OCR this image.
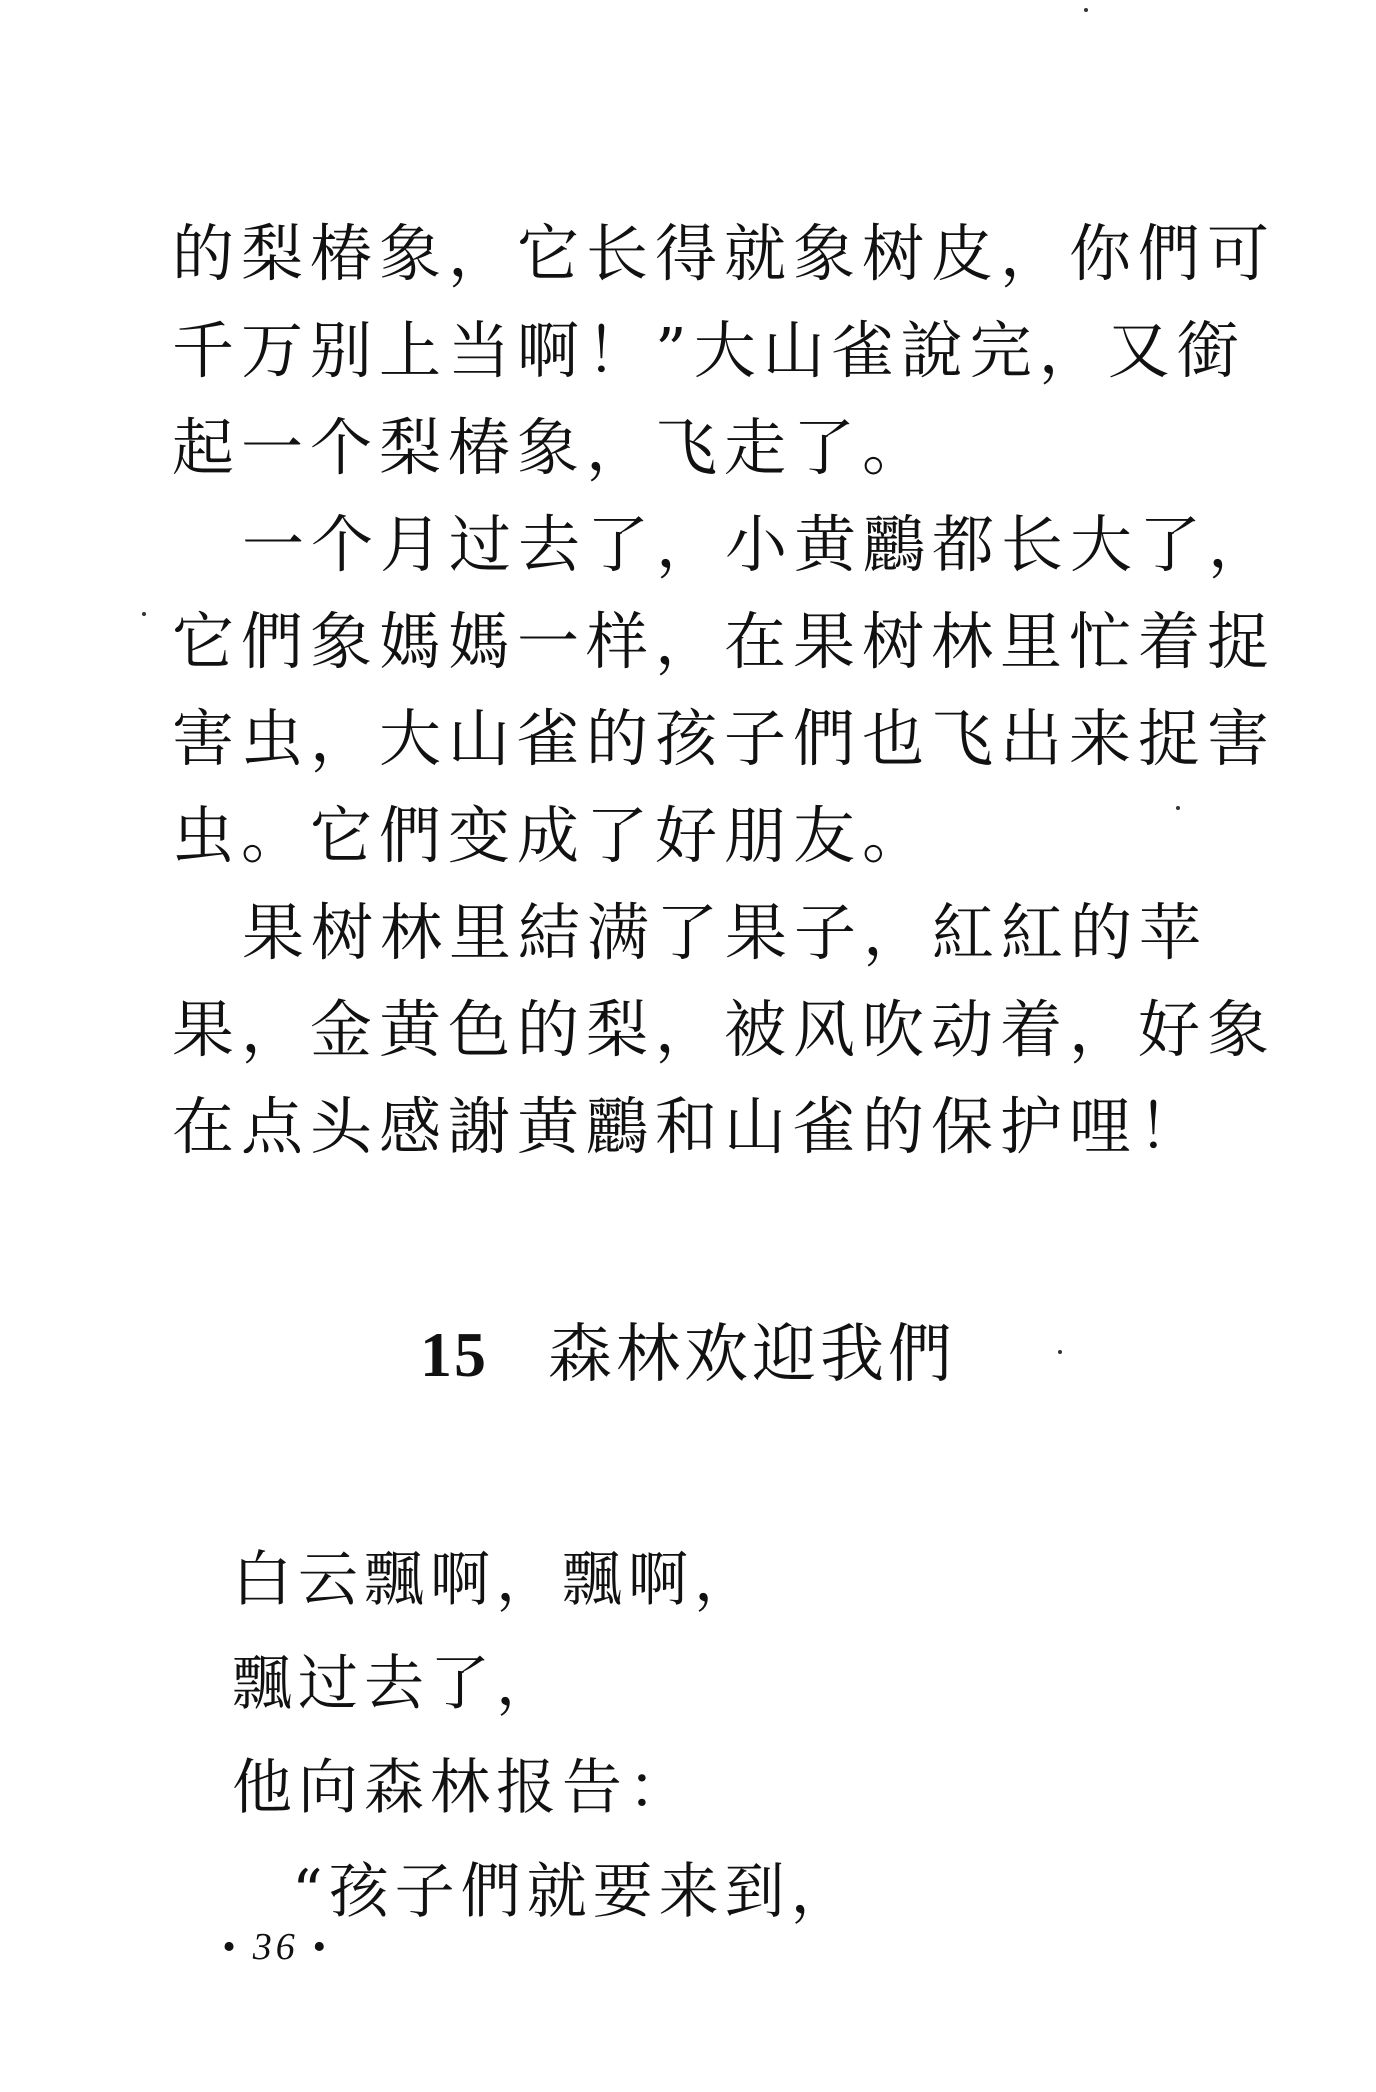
的梨椿象，它长得就象树皮，你們可千万别上当啊！”大山雀說完，又銜起一个梨椿象，飞走了。

一个月过去了，小黄鸝都长大了，它們象媽媽一样，在果树林里忙着捉害虫，大山雀的孩子們也飞出来捉害虫。它們变成了好朋友。

果树林里結满了果子，紅紅的苹果，金黄色的梨，被风吹动着，好象在点头感謝黄鸝和山雀的保护哩！

15 森林欢迎我們
白云飄啊，飄啊，
飄过去了，
他向森林报告：
“孩子們就要来到，
• 36 •
